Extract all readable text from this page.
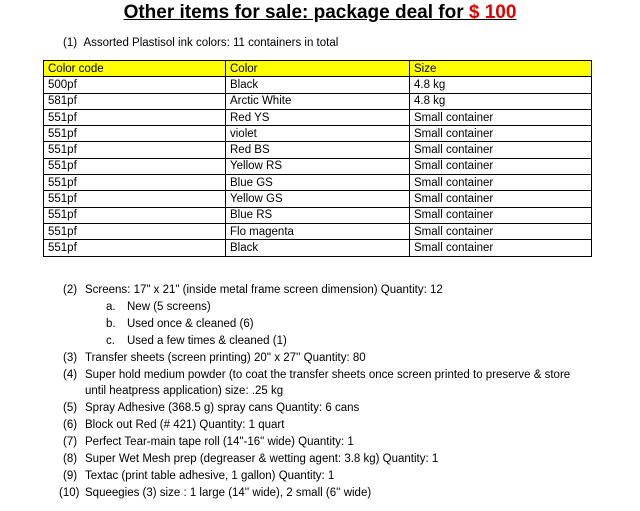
Other items for sale: package deal for $ 100
(1) Assorted Plastisol ink colors: 11 containers in total
Color code	Color	Size
500pf	Black	4.8 kg
581pf	Arctic White	4.8 kg
551pf	Red YS	Small container
551pf	violet	Small container
551pf	Red BS	Small container
551pf	Yellow RS	Small container
551pf	Blue GS	Small container
551pf	Yellow GS	Small container
551pf	Blue RS	Small container
551pf	Flo magenta	Small container
551pf	Black	Small container
(2) Screens: 17" x 21" (inside metal frame screen dimension) Quantity: 12
a. New (5 screens)
b. Used once & cleaned (6)
c.	Used a few times & cleaned (1)
(3) Transfer sheets (screen printing) 20'' x 27'' Quantity: 80
(4) Super hold medium powder (to coat the transfer sheets once screen printed to preserve & store
until heatpress application) size: .25 kg
(5) Spray Adhesive (368.5 g) spray cans Quantity: 6 cans
(6) Block out Red (# 421) Quantity: 1 quart
(7) Perfect Tear-main tape roll (14"-16" wide) Quantity: 1
(8) Super Wet Mesh prep (degreaser & wetting agent: 3.8 kg) Quantity: 1
(9) Textac (print table adhesive, 1 gallon) Quantity: 1
(10) Squeegies (3) size : 1 large (14'' wide), 2 small (6'' wide)
